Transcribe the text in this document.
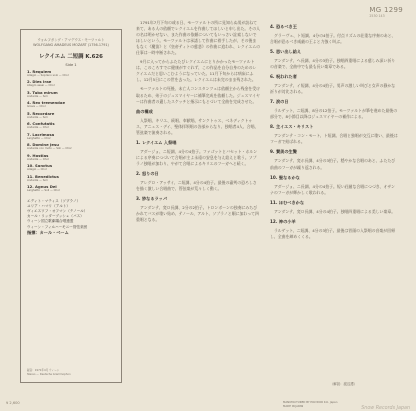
MG 1299
2530 143
ウォルフガング・アマデウス・モーツァルト
WOLFGANG AMADEUS MOZART (1756-1791)
レクイエム 二短調 K.626
Side 1
1. Requiem
Adagio — Soprano solo — Chor
2. Dies irae
Allegro assai — Chor
3. Tuba mirum
Andante — Soli
4. Rex tremendae
Grave — Chor
5. Recordare
Andante — Soli
6. Confutatis
Andante — Chor
7. Lacrimosa
Larghetto — Chor
8. Domine Jesu
Andante con moto — Soli — Chor
9. Hostias
Andante — Chor
10. Sanctus
Adagio — Chor
11. Benedictus
Andante — Soli
12. Agnus Dei
Larghetto — Soli — Chor
エディト・マティス（ソプラノ）
ユリア・ハマリ（アルト）
ヴィエスワフ・オフマン（テノール）
カール・リッダーブッシュ（バス）
ウィーン国立歌劇場合唱連盟
ウィーン・フィルハーモニー管弦楽団
指揮：カール・ベーム
録音：1971年4月 ウィーン
Stereo — Deutsche Grammophon
1791年7月下旬の或る日、モーツァルトの所に見知らぬ男が訪ねて来て、ある人の依頼でレクイエムを作曲してほしいと申し出た。その人の名は明かせない、また作曲の依頼についてもいっさい詮索しないでほしいという。モーツァルトは承諾して作曲に着手したが、その後まもなく《魔笛》と《皇帝ティトの慈悲》の作曲に追われ、レクイエムの仕事は一時中断された。
9月に入ってからふたたびレクイエムにとりかかったモーツァルトは、このころすでに健康がすぐれず、この作品を自分自身のためのレクイエムだと思いこむようになっていた。11月下旬からは病床にふし、12月5日にこの世を去った。レクイエムは未完のまま残された。
モーツァルトの死後、未亡人コンスタンツェは依頼主から残金を受け取るため、弟子のジュスマイヤーに補筆完成を依頼した。ジュスマイヤーは作曲者の遺したスケッチと指示にもとづいて全曲を完成させた。
曲の構成
入祭唱、キリエ、続唱、奉献唱、サンクトゥス、ベネディクトゥス、アニュス・デイ、聖体拝領唱の各部からなり、独唱者4人、合唱、管弦楽で演奏される。
1. レクイエム 入祭唱
アダージョ、ニ短調、4分の4拍子。ファゴットとバセット・ホルンによる序奏につづいて合唱が主よ永遠の安息を与え給えと歌う。ソプラノ独唱が加わり、やがて合唱によるキリエのフーガへと続く。
2. 怒りの日
アレグロ・アッサイ、ニ短調、4分の4拍子。最後の審判の恐ろしさを描く激しい合唱曲で、管弦楽が荒々しく動く。
3. 妙なるラッパ
アンダンテ、変ロ長調、2分の2拍子。トロンボーンの独奏にみちびかれてバスが歌い始め、テノール、アルト、ソプラノと順に加わって四重唱となる。
4. 恐るべき王
グラーヴェ、ト短調、4分の4拍子。付点リズムの荘重な序奏のあと、合唱が恐るべき威厳の王よと力強く叫ぶ。
5. 思い出し給え
アンダンテ、ヘ長調、4分の3拍子。独唱四重唱による慈しみ深い祈りの音楽で、全曲中でも最も長い楽章である。
6. 呪われた者
アンダンテ、イ短調、4分の4拍子。男声の激しい叫びと女声の静かな祈りが対比される。
7. 涙の日
ラルゲット、ニ短調、8分の12拍子。モーツァルトが筆を進めた最後の部分で、8小節目以降はジュスマイヤーの補作による。
8. 主イエス・キリスト
アンダンテ・コン・モート、ト短調。合唱と独唱が交互に歌い、最後はフーガで結ばれる。
9. 賛美の生贄
アンダンテ、変ホ長調、4分の3拍子。穏やかな合唱のあと、ふたたび前曲のフーガが繰り返される。
10. 聖なるかな
アダージョ、ニ長調、4分の4拍子。短い荘厳な合唱につづき、オザンナのフーガが輝かしく歌われる。
11. ほむべきかな
アンダンテ、変ロ長調、4分の4拍子。独唱四重唱による美しい楽章。
12. 神の小羊
ラルゲット、ニ短調、4分の3拍子。最後は冒頭の入祭唱の音楽が回帰し、全曲を締めくくる。
（解説：渡辺護）
¥ 2,600	MANUFACTURED BY POLYDOR K.K. Japan
MADE IN JAPAN
Snow Records Japan
